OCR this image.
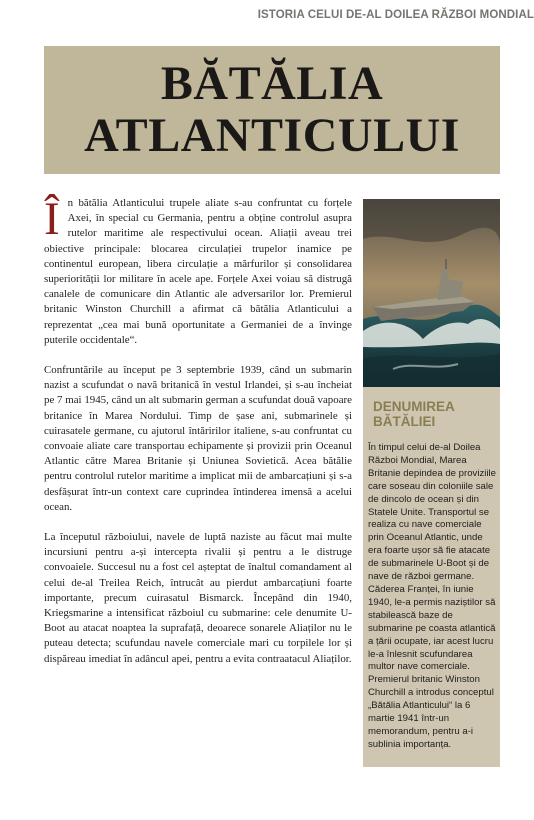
ISTORIA CELUI DE-AL DOILEA RĂZBOI MONDIAL
BĂTĂLIA
ATLANTICULUI

În bătălia Atlanticului trupele aliate s-au confruntat cu forțele Axei, în special cu Germania, pentru a obține controlul asupra rutelor maritime ale respectivului ocean. Aliații aveau trei obiective principale: blocarea circulației trupelor inamice pe continentul european, libera circulație a mărfurilor și consolidarea superiorității lor militare în acele ape. Forțele Axei voiau să distrugă canalele de comunicare din Atlantic ale adversarilor lor. Premierul britanic Winston Churchill a afirmat că bătălia Atlanticului a reprezentat „cea mai bună oportunitate a Germaniei de a învinge puterile occidentale“.

Confruntările au început pe 3 septembrie 1939, când un submarin nazist a scufundat o navă britanică în vestul Irlandei, și s-au încheiat pe 7 mai 1945, când un alt submarin german a scufundat două vapoare britanice în Marea Nordului. Timp de șase ani, submarinele și cuirasatele germane, cu ajutorul întăririlor italiene, s-au confruntat cu convoaie aliate care transportau echipamente și provizii prin Oceanul Atlantic către Marea Britanie și Uniunea Sovietică. Acea bătălie pentru controlul rutelor maritime a implicat mii de ambarcațiuni și s-a desfășurat într-un context care cuprindea întinderea imensă a acelui ocean.

La începutul războiului, navele de luptă naziste au făcut mai multe incursiuni pentru a-și intercepta rivalii și pentru a le distruge convoaiele. Succesul nu a fost cel așteptat de înaltul comandament al celui de-al Treilea Reich, întrucât au pierdut ambarcațiuni foarte importante, precum cuirasatul Bismarck. Începând din 1940, Kriegsmarine a intensificat războiul cu submarine: cele denumite U-Boot au atacat noaptea la suprafață, deoarece sonarele Aliaților nu le puteau detecta; scufundau navele comerciale mari cu torpilele lor și dispăreau imediat în adâncul apei, pentru a evita contraatacul Aliaților.

DENUMIREA
BĂTĂLIEI
În timpul celui de-al Doilea Război Mondial, Marea Britanie depindea de proviziile care soseau din coloniile sale de dincolo de ocean și din Statele Unite. Transportul se realiza cu nave comerciale prin Oceanul Atlantic, unde era foarte ușor să fie atacate de submarinele U-Boot și de nave de război germane. Căderea Franței, în iunie 1940, le-a permis naziștilor să stabilească baze de submarine pe coasta atlantică a țării ocupate, iar acest lucru le-a înlesnit scufundarea multor nave comerciale. Premierul britanic Winston Churchill a introdus conceptul „Bătălia Atlanticului“ la 6 martie 1941 într-un memorandum, pentru a-i sublinia importanța.
